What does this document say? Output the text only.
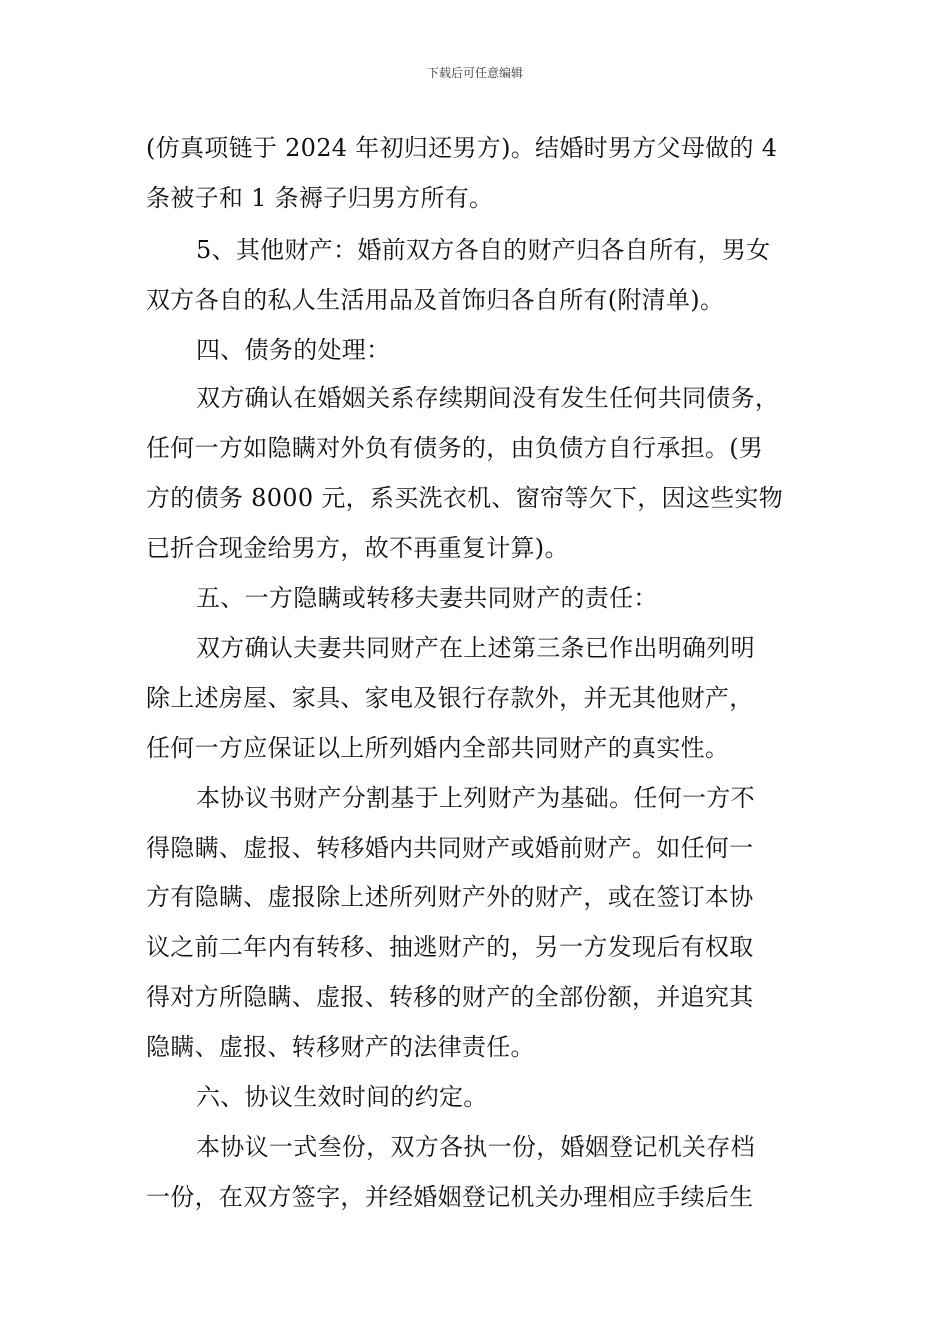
下载后可任意编辑
(仿真项链于 2024 年初归还男方)。结婚时男方父母做的 4
条被子和 1 条褥子归男方所有。
5、其他财产：婚前双方各自的财产归各自所有，男女
双方各自的私人生活用品及首饰归各自所有(附清单)。
四、债务的处理：
双方确认在婚姻关系存续期间没有发生任何共同债务，
任何一方如隐瞒对外负有债务的，由负债方自行承担。(男
方的债务 8000 元，系买洗衣机、窗帘等欠下，因这些实物
已折合现金给男方，故不再重复计算)。
五、一方隐瞒或转移夫妻共同财产的责任：
双方确认夫妻共同财产在上述第三条已作出明确列明
除上述房屋、家具、家电及银行存款外，并无其他财产，
任何一方应保证以上所列婚内全部共同财产的真实性。
本协议书财产分割基于上列财产为基础。任何一方不
得隐瞒、虚报、转移婚内共同财产或婚前财产。如任何一
方有隐瞒、虚报除上述所列财产外的财产，或在签订本协
议之前二年内有转移、抽逃财产的，另一方发现后有权取
得对方所隐瞒、虚报、转移的财产的全部份额，并追究其
隐瞒、虚报、转移财产的法律责任。
六、协议生效时间的约定。
本协议一式叁份，双方各执一份，婚姻登记机关存档
一份，在双方签字，并经婚姻登记机关办理相应手续后生
